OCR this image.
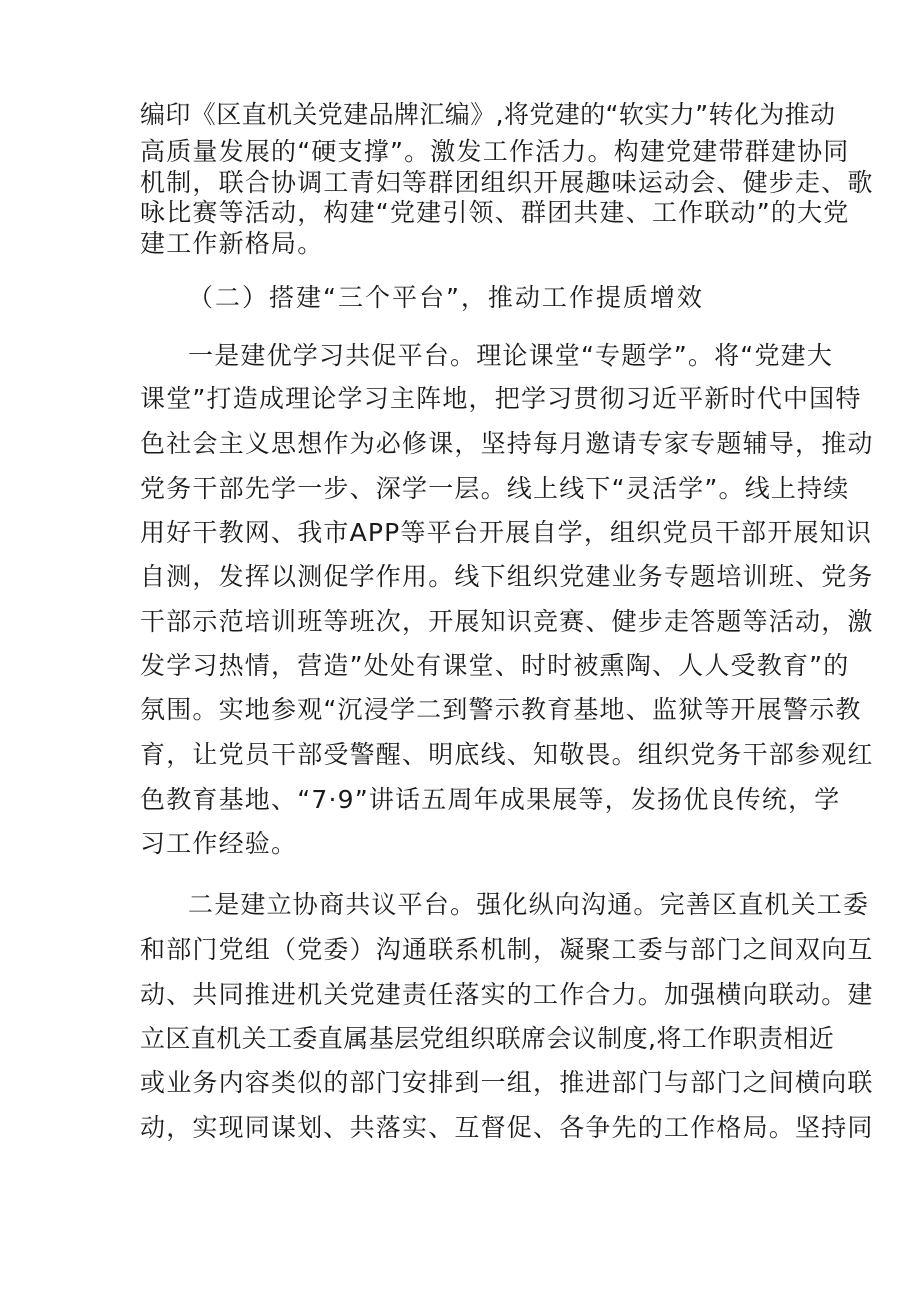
编印《区直机关党建品牌汇编》,将党建的“软实力”转化为推动
高质量发展的“硬支撑”。激发工作活力。构建党建带群建协同
机制，联合协调工青妇等群团组织开展趣味运动会、健步走、歌
咏比赛等活动，构建“党建引领、群团共建、工作联动”的大党
建工作新格局。
（二）搭建“三个平台”，推动工作提质增效
一是建优学习共促平台。理论课堂“专题学”。将“党建大
课堂”打造成理论学习主阵地，把学习贯彻习近平新时代中国特
色社会主义思想作为必修课，坚持每月邀请专家专题辅导，推动
党务干部先学一步、深学一层。线上线下“灵活学”。线上持续
用好干教网、我市APP等平台开展自学，组织党员干部开展知识
自测，发挥以测促学作用。线下组织党建业务专题培训班、党务
干部示范培训班等班次，开展知识竞赛、健步走答题等活动，激
发学习热情，营造”处处有课堂、时时被熏陶、人人受教育”的
氛围。实地参观“沉浸学二到警示教育基地、监狱等开展警示教
育，让党员干部受警醒、明底线、知敬畏。组织党务干部参观红
色教育基地、“7·9”讲话五周年成果展等，发扬优良传统，学
习工作经验。
二是建立协商共议平台。强化纵向沟通。完善区直机关工委
和部门党组（党委）沟通联系机制，凝聚工委与部门之间双向互
动、共同推进机关党建责任落实的工作合力。加强横向联动。建
立区直机关工委直属基层党组织联席会议制度,将工作职责相近
或业务内容类似的部门安排到一组，推进部门与部门之间横向联
动，实现同谋划、共落实、互督促、各争先的工作格局。坚持同
